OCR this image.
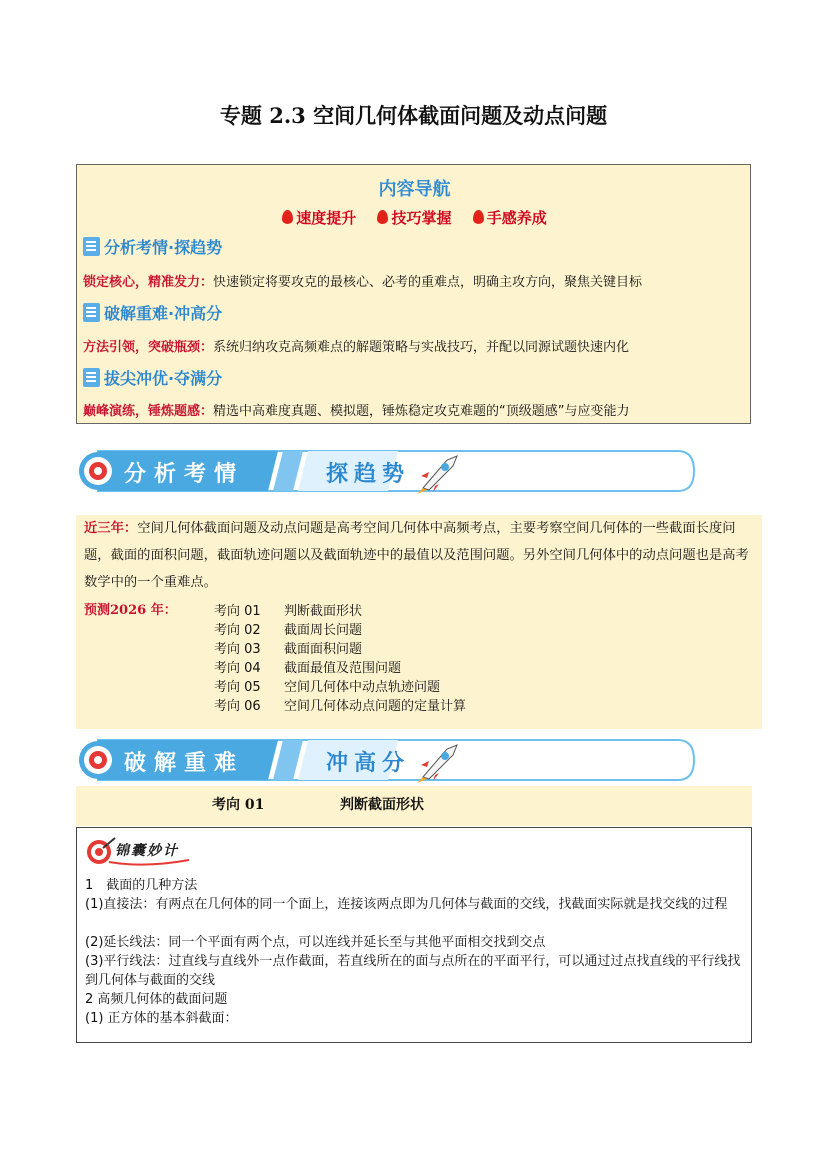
专题 2.3 空间几何体截面问题及动点问题
内容导航
速度提升 技巧掌握 手感养成
分析考情·探趋势
锁定核心，精准发力：快速锁定将要攻克的最核心、必考的重难点，明确主攻方向，聚焦关键目标
破解重难·冲高分
方法引领，突破瓶颈：系统归纳攻克高频难点的解题策略与实战技巧，并配以同源试题快速内化
拔尖冲优·夺满分
巅峰演练，锤炼题感：精选中高难度真题、模拟题，锤炼稳定攻克难题的“顶级题感”与应变能力
分析考情	探趋势
近三年：空间几何体截面问题及动点问题是高考空间几何体中高频考点，主要考察空间几何体的一些截面长度问题，截面的面积问题，截面轨迹问题以及截面轨迹中的最值以及范围问题。另外空间几何体中的动点问题也是高考数学中的一个重难点。
预测2026 年：	考向 01 判断截面形状
考向 02 截面周长问题
考向 03 截面面积问题
考向 04 截面最值及范围问题
考向 05 空间几何体中动点轨迹问题
考向 06 空间几何体动点问题的定量计算
破解重难	冲高分
考向 01	判断截面形状
锦囊妙计
1　截面的几种方法
(1)直接法：有两点在几何体的同一个面上，连接该两点即为几何体与截面的交线，找截面实际就是找交线的过程
(2)延长线法：同一个平面有两个点，可以连线并延长至与其他平面相交找到交点
(3)平行线法：过直线与直线外一点作截面，若直线所在的面与点所在的平面平行，可以通过过点找直线的平行线找到几何体与截面的交线
2 高频几何体的截面问题
(1) 正方体的基本斜截面：
